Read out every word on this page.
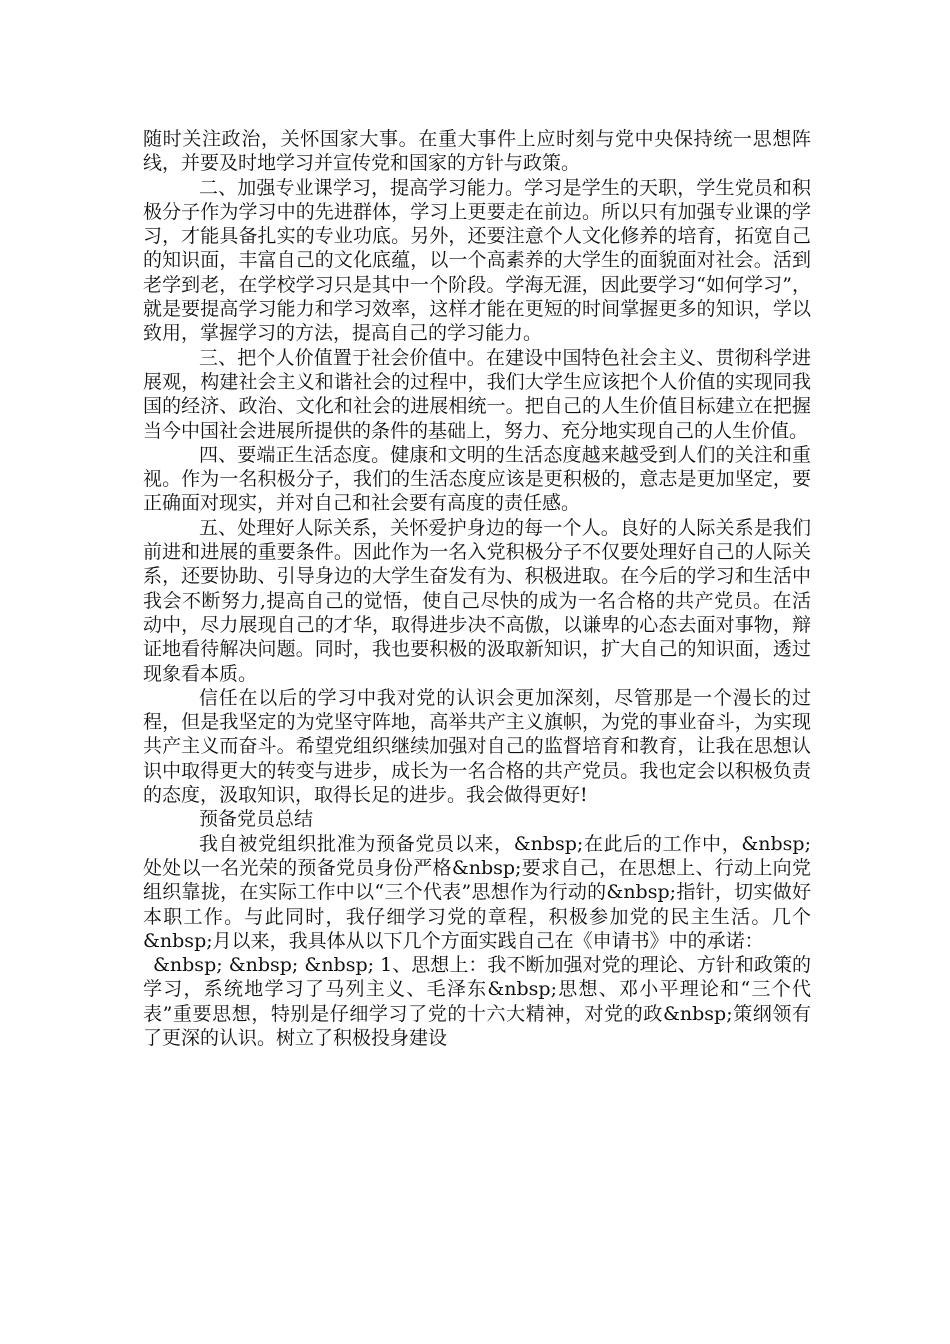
随时关注政治，关怀国家大事。在重大事件上应时刻与党中央保持统一思想阵线，并要及时地学习并宣传党和国家的方针与政策。

二、加强专业课学习，提高学习能力。学习是学生的天职，学生党员和积极分子作为学习中的先进群体，学习上更要走在前边。所以只有加强专业课的学习，才能具备扎实的专业功底。另外，还要注意个人文化修养的培育，拓宽自己的知识面，丰富自己的文化底蕴，以一个高素养的大学生的面貌面对社会。活到老学到老，在学校学习只是其中一个阶段。学海无涯，因此要学习“如何学习”，就是要提高学习能力和学习效率，这样才能在更短的时间掌握更多的知识，学以致用，掌握学习的方法，提高自己的学习能力。

三、把个人价值置于社会价值中。在建设中国特色社会主义、贯彻科学进展观，构建社会主义和谐社会的过程中，我们大学生应该把个人价值的实现同我国的经济、政治、文化和社会的进展相统一。把自己的人生价值目标建立在把握当今中国社会进展所提供的条件的基础上，努力、充分地实现自己的人生价值。

四、要端正生活态度。健康和文明的生活态度越来越受到人们的关注和重视。作为一名积极分子，我们的生活态度应该是更积极的，意志是更加坚定，要正确面对现实，并对自己和社会要有高度的责任感。

五、处理好人际关系，关怀爱护身边的每一个人。良好的人际关系是我们前进和进展的重要条件。因此作为一名入党积极分子不仅要处理好自己的人际关系，还要协助、引导身边的大学生奋发有为、积极进取。在今后的学习和生活中我会不断努力,提高自己的觉悟，使自己尽快的成为一名合格的共产党员。在活动中，尽力展现自己的才华，取得进步决不高傲，以谦卑的心态去面对事物，辩证地看待解决问题。同时，我也要积极的汲取新知识，扩大自己的知识面，透过现象看本质。

信任在以后的学习中我对党的认识会更加深刻，尽管那是一个漫长的过程，但是我坚定的为党坚守阵地，高举共产主义旗帜，为党的事业奋斗，为实现共产主义而奋斗。希望党组织继续加强对自己的监督培育和教育，让我在思想认识中取得更大的转变与进步，成长为一名合格的共产党员。我也定会以积极负责的态度，汲取知识，取得长足的进步。我会做得更好!

预备党员总结

我自被党组织批准为预备党员以来，&nbsp;在此后的工作中，&nbsp;处处以一名光荣的预备党员身份严格&nbsp;要求自己，在思想上、行动上向党组织靠拢，在实际工作中以“三个代表”思想作为行动的&nbsp;指针，切实做好本职工作。与此同时，我仔细学习党的章程，积极参加党的民主生活。几个&nbsp;月以来，我具体从以下几个方面实践自己在《申请书》中的承诺：

&nbsp; &nbsp; &nbsp; 1、思想上：我不断加强对党的理论、方针和政策的学习，系统地学习了马列主义、毛泽东&nbsp;思想、邓小平理论和“三个代表”重要思想，特别是仔细学习了党的十六大精神，对党的政&nbsp;策纲领有了更深的认识。树立了积极投身建设
